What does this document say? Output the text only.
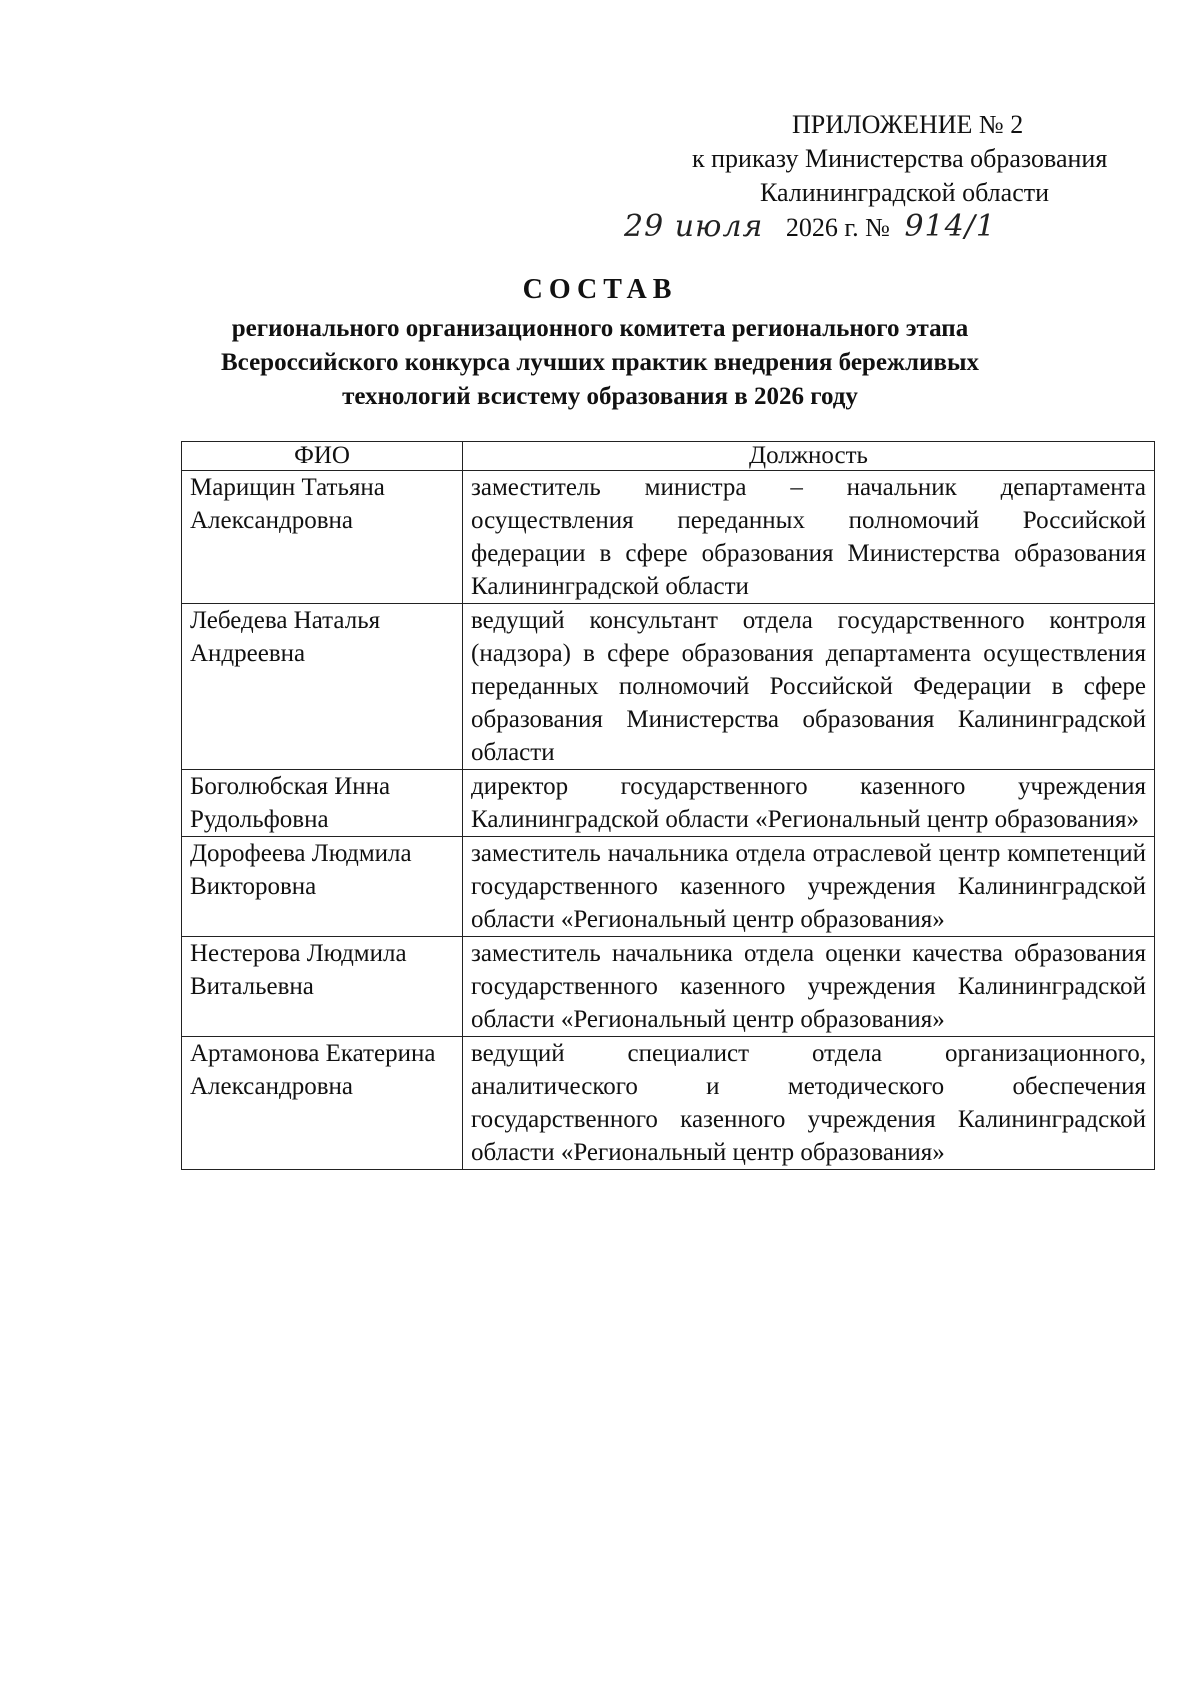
ПРИЛОЖЕНИЕ № 2
к приказу Министерства образования
Калининградской области
29 июля 2026 г. № 914/1
СОСТАВ
регионального организационного комитета регионального этапа
Всероссийского конкурса лучших практик внедрения бережливых
технологий всистему образования в 2026 году
ФИО	Должность
Марищин Татьяна Александровна	заместитель министра – начальник департамента осуществления переданных полномочий Российской федерации в сфере образования Министерства образования Калининградской области
Лебедева Наталья Андреевна	ведущий консультант отдела государственного контроля (надзора) в сфере образования департамента осуществления переданных полномочий Российской Федерации в сфере образования Министерства образования Калининградской области
Боголюбская Инна Рудольфовна	директор государственного казенного учреждения Калининградской области «Региональный центр образования»
Дорофеева Людмила Викторовна	заместитель начальника отдела отраслевой центр компетенций государственного казенного учреждения Калининградской области «Региональный центр образования»
Нестерова Людмила Витальевна	заместитель начальника отдела оценки качества образования государственного казенного учреждения Калининградской области «Региональный центр образования»
Артамонова Екатерина Александровна	ведущий специалист отдела организационного, аналитического и методического обеспечения государственного казенного учреждения Калининградской области «Региональный центр образования»
